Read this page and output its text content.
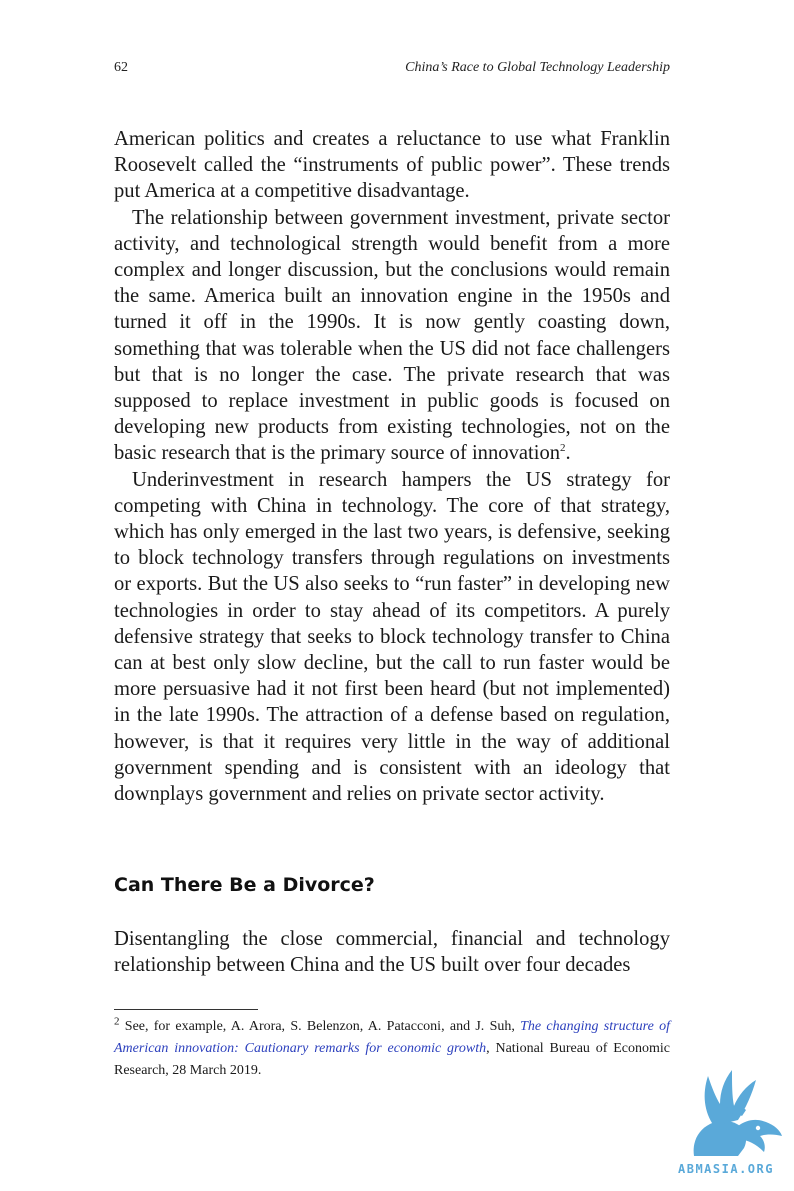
62	China’s Race to Global Technology Leadership

American politics and creates a reluctance to use what Franklin Roosevelt called the “instruments of public power”. These trends put America at a competitive disadvantage.

The relationship between government investment, private sector activity, and technological strength would benefit from a more complex and longer discussion, but the conclusions would remain the same. America built an innovation engine in the 1950s and turned it off in the 1990s. It is now gently coasting down, something that was tolerable when the US did not face challengers but that is no longer the case. The private research that was supposed to replace investment in public goods is focused on developing new products from existing technologies, not on the basic research that is the primary source of innovation$^2$.

Underinvestment in research hampers the US strategy for competing with China in technology. The core of that strategy, which has only emerged in the last two years, is defensive, seeking to block technology transfers through regulations on investments or exports. But the US also seeks to “run faster” in developing new technologies in order to stay ahead of its competitors. A purely defensive strategy that seeks to block technology transfer to China can at best only slow decline, but the call to run faster would be more persuasive had it not first been heard (but not implemented) in the late 1990s. The attraction of a defense based on regulation, however, is that it requires very little in the way of additional government spending and is consistent with an ideology that downplays government and relies on private sector activity.

Can There Be a Divorce?

Disentangling the close commercial, financial and technology relationship between China and the US built over four decades

$^2$ See, for example, A. Arora, S. Belenzon, A. Patacconi, and J. Suh, The changing structure of American innovation: Cautionary remarks for economic growth, National Bureau of Economic Research, 28 March 2019.

ABMASIA.ORG
